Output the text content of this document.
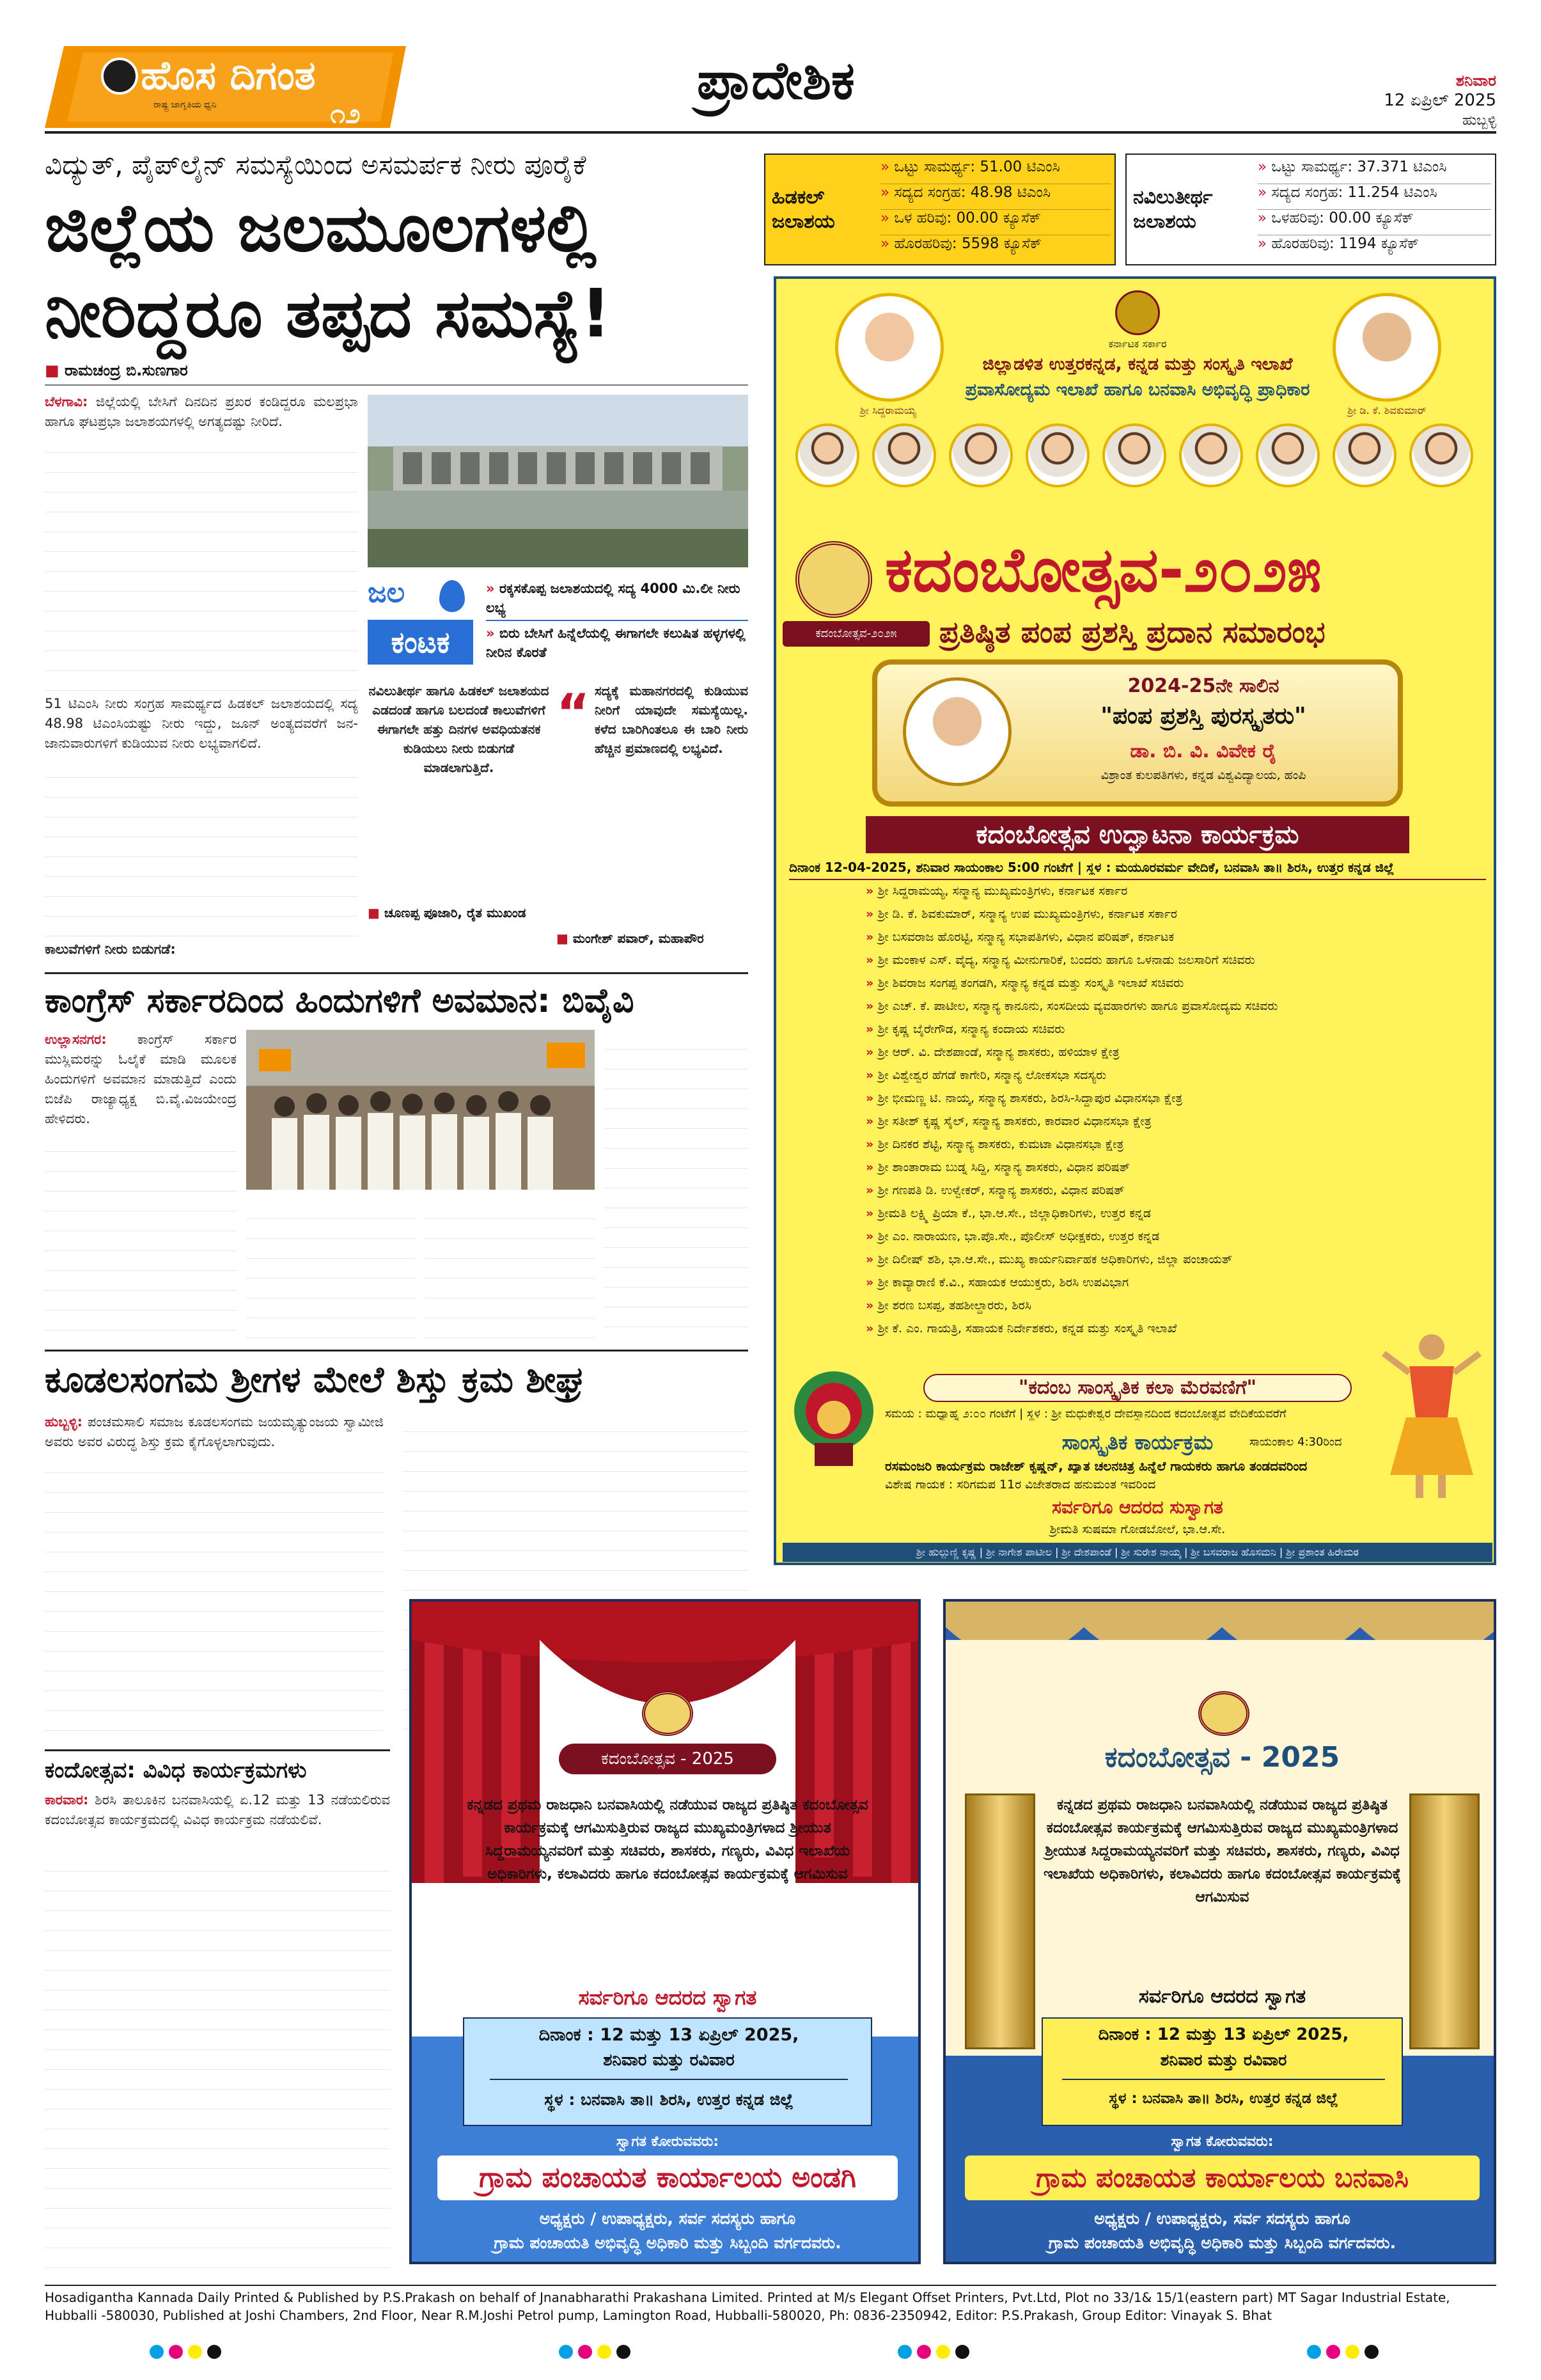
ಹೊಸ ದಿಗಂತ
ರಾಷ್ಟ್ರ ಜಾಗೃತಿಯ ಧ್ವನಿ	೧೨
ಪ್ರಾದೇಶಿಕ	ಶನಿವಾರ
12 ಏಪ್ರಿಲ್ 2025
ಹುಬ್ಬಳ್ಳಿ
ಹಿಡಕಲ್
ಜಲಾಶಯ
» ಒಟ್ಟು ಸಾಮರ್ಥ್ಯ: 51.00 ಟಿಎಂಸಿ
» ಸದ್ಯದ ಸಂಗ್ರಹ: 48.98 ಟಿಎಂಸಿ
» ಒಳ ಹರಿವು: 00.00 ಕ್ಯೂಸೆಕ್
» ಹೊರಹರಿವು: 5598 ಕ್ಯೂಸೆಕ್
ನವಿಲುತೀರ್ಥ
ಜಲಾಶಯ
» ಒಟ್ಟು ಸಾಮರ್ಥ್ಯ: 37.371 ಟಿಎಂಸಿ
» ಸದ್ಯದ ಸಂಗ್ರಹ: 11.254 ಟಿಎಂಸಿ
» ಒಳಹರಿವು: 00.00 ಕ್ಯೂಸೆಕ್
» ಹೊರಹರಿವು: 1194 ಕ್ಯೂಸೆಕ್
ವಿದ್ಯುತ್, ಪೈಪ್‌ಲೈನ್ ಸಮಸ್ಯೆಯಿಂದ ಅಸಮರ್ಪಕ ನೀರು ಪೂರೈಕೆ
ಜಿಲ್ಲೆಯ ಜಲಮೂಲಗಳಲ್ಲಿ
ನೀರಿದ್ದರೂ ತಪ್ಪದ ಸಮಸ್ಯೆ!
■ ರಾಮಚಂದ್ರ ಬಿ.ಸುಣಗಾರ
ಬೆಳಗಾವಿ: ಜಿಲ್ಲೆಯಲ್ಲಿ ಬೇಸಿಗೆ ದಿನದಿನ ಪ್ರಖರ ಕಂಡಿದ್ದರೂ ಮಲಪ್ರಭಾ ಹಾಗೂ ಘಟಪ್ರಭಾ ಜಲಾಶಯಗಳಲ್ಲಿ ಅಗತ್ಯದಷ್ಟು ನೀರಿದೆ.
51 ಟಿಎಂಸಿ ನೀರು ಸಂಗ್ರಹ ಸಾಮರ್ಥ್ಯದ ಹಿಡಕಲ್ ಜಲಾಶಯದಲ್ಲಿ ಸದ್ಯ 48.98 ಟಿಎಂಸಿಯಷ್ಟು ನೀರು ಇದ್ದು, ಜೂನ್ ಅಂತ್ಯದವರೆಗೆ ಜನ-ಜಾನುವಾರುಗಳಿಗೆ ಕುಡಿಯುವ ನೀರು ಲಭ್ಯವಾಗಲಿದೆ.
ಕಾಲುವೆಗಳಿಗೆ ನೀರು ಬಿಡುಗಡೆ:
ಜಲ
ಕಂಟಕ
» ರಕ್ಕಸಕೊಪ್ಪ ಜಲಾಶಯದಲ್ಲಿ ಸದ್ಯ 4000 ಮಿ.ಲೀ ನೀರು ಲಭ್ಯ
» ಬಿರು ಬೇಸಿಗೆ ಹಿನ್ನೆಲೆಯಲ್ಲಿ ಈಗಾಗಲೇ ಕಲುಷಿತ ಹಳ್ಳಗಳಲ್ಲಿ ನೀರಿನ ಕೊರತೆ
ನವಿಲುತೀರ್ಥ ಹಾಗೂ ಹಿಡಕಲ್ ಜಲಾಶಯದ ಎಡದಂಡೆ ಹಾಗೂ ಬಲದಂಡೆ ಕಾಲುವೆಗಳಿಗೆ ಈಗಾಗಲೇ ಹತ್ತು ದಿನಗಳ ಅವಧಿಯತನಕ ಕುಡಿಯಲು ನೀರು ಬಿಡುಗಡೆ ಮಾಡಲಾಗುತ್ತಿದೆ.
■ ಚೂಣಪ್ಪ ಪೂಜಾರಿ, ರೈತ ಮುಖಂಡ
“ ಸದ್ಯಕ್ಕೆ ಮಹಾನಗರದಲ್ಲಿ ಕುಡಿಯುವ ನೀರಿಗೆ ಯಾವುದೇ ಸಮಸ್ಯೆಯಿಲ್ಲ. ಕಳೆದ ಬಾರಿಗಿಂತಲೂ ಈ ಬಾರಿ ನೀರು ಹೆಚ್ಚಿನ ಪ್ರಮಾಣದಲ್ಲಿ ಲಭ್ಯವಿದೆ.
■ ಮಂಗೇಶ್ ಪವಾರ್, ಮಹಾಪೌರ
ಕಾಂಗ್ರೆಸ್ ಸರ್ಕಾರದಿಂದ ಹಿಂದುಗಳಿಗೆ ಅವಮಾನ: ಬಿವೈವಿ
ಉಲ್ಲಾಸನಗರ: ಕಾಂಗ್ರೆಸ್ ಸರ್ಕಾರ ಮುಸ್ಲಿಮರನ್ನು ಓಲೈಕೆ ಮಾಡಿ ಮೂಲಕ ಹಿಂದುಗಳಿಗೆ ಅವಮಾನ ಮಾಡುತ್ತಿದೆ ಎಂದು ಬಿಜೆಪಿ ರಾಜ್ಯಾಧ್ಯಕ್ಷ ಬಿ.ವೈ.ವಿಜಯೇಂದ್ರ ಹೇಳಿದರು.
ಕೂಡಲಸಂಗಮ ಶ್ರೀಗಳ ಮೇಲೆ ಶಿಸ್ತು ಕ್ರಮ ಶೀಘ್ರ
ಹುಬ್ಬಳ್ಳಿ: ಪಂಚಮಸಾಲಿ ಸಮಾಜ ಕೂಡಲಸಂಗಮ ಜಯಮೃತ್ಯುಂಜಯ ಸ್ವಾಮೀಜಿ ಅವರು ಅವರ ವಿರುದ್ಧ ಶಿಸ್ತು ಕ್ರಮ ಕೈಗೊಳ್ಳಲಾಗುವುದು.
ಕಂದೋತ್ಸವ: ವಿವಿಧ ಕಾರ್ಯಕ್ರಮಗಳು
ಕಾರವಾರ: ಶಿರಸಿ ತಾಲೂಕಿನ ಬನವಾಸಿಯಲ್ಲಿ ಏ.12 ಮತ್ತು 13 ನಡೆಯಲಿರುವ ಕದಂಬೋತ್ಸವ ಕಾರ್ಯಕ್ರಮದಲ್ಲಿ ವಿವಿಧ ಕಾರ್ಯಕ್ರಮ ನಡೆಯಲಿವೆ.
ಶ್ರೀ ಸಿದ್ದರಾಮಯ್ಯ	ಶ್ರೀ ಡಿ. ಕೆ. ಶಿವಕುಮಾರ್
ಕರ್ನಾಟಕ ಸರ್ಕಾರ
ಜಿಲ್ಲಾಡಳಿತ ಉತ್ತರಕನ್ನಡ, ಕನ್ನಡ ಮತ್ತು ಸಂಸ್ಕೃತಿ ಇಲಾಖೆ
ಪ್ರವಾಸೋದ್ಯಮ ಇಲಾಖೆ ಹಾಗೂ ಬನವಾಸಿ ಅಭಿವೃದ್ಧಿ ಪ್ರಾಧಿಕಾರ
ಕದಂಬೋತ್ಸವ-೨೦೨೫
ಕದಂಬೋತ್ಸವ-೨೦೨೫	ಪ್ರತಿಷ್ಠಿತ ಪಂಪ ಪ್ರಶಸ್ತಿ ಪ್ರದಾನ ಸಮಾರಂಭ
2024-25ನೇ ಸಾಲಿನ
"ಪಂಪ ಪ್ರಶಸ್ತಿ ಪುರಸ್ಕೃತರು"
ಡಾ. ಬಿ. ವಿ. ವಿವೇಕ ರೈ
ವಿಶ್ರಾಂತ ಕುಲಪತಿಗಳು, ಕನ್ನಡ ವಿಶ್ವವಿದ್ಯಾಲಯ, ಹಂಪಿ
ಕದಂಬೋತ್ಸವ ಉದ್ಘಾಟನಾ ಕಾರ್ಯಕ್ರಮ
ದಿನಾಂಕ 12-04-2025, ಶನಿವಾರ ಸಾಯಂಕಾಲ 5:00 ಗಂಟೆಗೆ | ಸ್ಥಳ : ಮಯೂರವರ್ಮ ವೇದಿಕೆ, ಬನವಾಸಿ ತಾ॥ ಶಿರಸಿ, ಉತ್ತರ ಕನ್ನಡ ಜಿಲ್ಲೆ
» ಶ್ರೀ ಸಿದ್ದರಾಮಯ್ಯ, ಸನ್ಮಾನ್ಯ ಮುಖ್ಯಮಂತ್ರಿಗಳು, ಕರ್ನಾಟಕ ಸರ್ಕಾರ
» ಶ್ರೀ ಡಿ. ಕೆ. ಶಿವಕುಮಾರ್, ಸನ್ಮಾನ್ಯ ಉಪ ಮುಖ್ಯಮಂತ್ರಿಗಳು, ಕರ್ನಾಟಕ ಸರ್ಕಾರ
» ಶ್ರೀ ಬಸವರಾಜ ಹೊರಟ್ಟಿ, ಸನ್ಮಾನ್ಯ ಸಭಾಪತಿಗಳು, ವಿಧಾನ ಪರಿಷತ್, ಕರ್ನಾಟಕ
» ಶ್ರೀ ಮಂಕಾಳ ಎಸ್. ವೈದ್ಯ, ಸನ್ಮಾನ್ಯ ಮೀನುಗಾರಿಕೆ, ಬಂದರು ಹಾಗೂ ಒಳನಾಡು ಜಲಸಾರಿಗೆ ಸಚಿವರು
» ಶ್ರೀ ಶಿವರಾಜ ಸಂಗಪ್ಪ ತಂಗಡಗಿ, ಸನ್ಮಾನ್ಯ ಕನ್ನಡ ಮತ್ತು ಸಂಸ್ಕೃತಿ ಇಲಾಖೆ ಸಚಿವರು
» ಶ್ರೀ ಎಚ್. ಕೆ. ಪಾಟೀಲ, ಸನ್ಮಾನ್ಯ ಕಾನೂನು, ಸಂಸದೀಯ ವ್ಯವಹಾರಗಳು ಹಾಗೂ ಪ್ರವಾಸೋದ್ಯಮ ಸಚಿವರು
» ಶ್ರೀ ಕೃಷ್ಣ ಬೈರೇಗೌಡ, ಸನ್ಮಾನ್ಯ ಕಂದಾಯ ಸಚಿವರು
» ಶ್ರೀ ಆರ್. ವಿ. ದೇಶಪಾಂಡೆ, ಸನ್ಮಾನ್ಯ ಶಾಸಕರು, ಹಳಿಯಾಳ ಕ್ಷೇತ್ರ
» ಶ್ರೀ ವಿಶ್ವೇಶ್ವರ ಹೆಗಡೆ ಕಾಗೇರಿ, ಸನ್ಮಾನ್ಯ ಲೋಕಸಭಾ ಸದಸ್ಯರು
» ಶ್ರೀ ಭೀಮಣ್ಣ ಟಿ. ನಾಯ್ಕ, ಸನ್ಮಾನ್ಯ ಶಾಸಕರು, ಶಿರಸಿ-ಸಿದ್ದಾಪುರ ವಿಧಾನಸಭಾ ಕ್ಷೇತ್ರ
» ಶ್ರೀ ಸತೀಶ್ ಕೃಷ್ಣ ಸೈಲ್, ಸನ್ಮಾನ್ಯ ಶಾಸಕರು, ಕಾರವಾರ ವಿಧಾನಸಭಾ ಕ್ಷೇತ್ರ
» ಶ್ರೀ ದಿನಕರ ಶೆಟ್ಟಿ, ಸನ್ಮಾನ್ಯ ಶಾಸಕರು, ಕುಮಟಾ ವಿಧಾನಸಭಾ ಕ್ಷೇತ್ರ
» ಶ್ರೀ ಶಾಂತಾರಾಮ ಬುಡ್ನ ಸಿದ್ದಿ, ಸನ್ಮಾನ್ಯ ಶಾಸಕರು, ವಿಧಾನ ಪರಿಷತ್
» ಶ್ರೀ ಗಣಪತಿ ಡಿ. ಉಳ್ವೇಕರ್, ಸನ್ಮಾನ್ಯ ಶಾಸಕರು, ವಿಧಾನ ಪರಿಷತ್
» ಶ್ರೀಮತಿ ಲಕ್ಷ್ಮಿ ಪ್ರಿಯಾ ಕೆ., ಭಾ.ಆ.ಸೇ., ಜಿಲ್ಲಾಧಿಕಾರಿಗಳು, ಉತ್ತರ ಕನ್ನಡ
» ಶ್ರೀ ಎಂ. ನಾರಾಯಣ, ಭಾ.ಪೊ.ಸೇ., ಪೊಲೀಸ್ ಅಧೀಕ್ಷಕರು, ಉತ್ತರ ಕನ್ನಡ
» ಶ್ರೀ ದಿಲೀಷ್ ಶಶಿ, ಭಾ.ಆ.ಸೇ., ಮುಖ್ಯ ಕಾರ್ಯನಿರ್ವಾಹಕ ಅಧಿಕಾರಿಗಳು, ಜಿಲ್ಲಾ ಪಂಚಾಯತ್
» ಶ್ರೀ ಕಾವ್ಯಾರಾಣಿ ಕೆ.ವಿ., ಸಹಾಯಕ ಆಯುಕ್ತರು, ಶಿರಸಿ ಉಪವಿಭಾಗ
» ಶ್ರೀ ಶರಣ ಬಸಪ್ಪ, ತಹಶೀಲ್ದಾರರು, ಶಿರಸಿ
» ಶ್ರೀ ಕೆ. ಎಂ. ಗಾಯತ್ರಿ, ಸಹಾಯಕ ನಿರ್ದೇಶಕರು, ಕನ್ನಡ ಮತ್ತು ಸಂಸ್ಕೃತಿ ಇಲಾಖೆ
"ಕದಂಬ ಸಾಂಸ್ಕೃತಿಕ ಕಲಾ ಮೆರವಣಿಗೆ"
ಸಮಯ : ಮಧ್ಯಾಹ್ನ ೨:೦೦ ಗಂಟೆಗೆ | ಸ್ಥಳ : ಶ್ರೀ ಮಧುಕೇಶ್ವರ ದೇವಸ್ಥಾನದಿಂದ ಕದಂಬೋತ್ಸವ ವೇದಿಕೆಯವರೆಗೆ
ಸಾಂಸ್ಕೃತಿಕ ಕಾರ್ಯಕ್ರಮ	ಸಾಯಂಕಾಲ 4:30ರಿಂದ
ರಸಮಂಜರಿ ಕಾರ್ಯಕ್ರಮ ರಾಜೇಶ್ ಕೃಷ್ಣನ್, ಖ್ಯಾತ ಚಲನಚಿತ್ರ ಹಿನ್ನೆಲೆ ಗಾಯಕರು ಹಾಗೂ ತಂಡದವರಿಂದ
ವಿಶೇಷ ಗಾಯಕ : ಸರಿಗಮಪ 11ರ ವಿಜೇತರಾದ ಹನುಮಂತ ಇವರಿಂದ
ಸರ್ವರಿಗೂ ಆದರದ ಸುಸ್ವಾಗತ
ಶ್ರೀಮತಿ ಸುಷಮಾ ಗೋಡಬೋಲೆ, ಭಾ.ಆ.ಸೇ.
ಶ್ರೀ ಹುಲ್ಲುಣ್ಣಿ ಕೃಷ್ಣ | ಶ್ರೀ ನಾಗೇಶ ಪಾಟೀಲ | ಶ್ರೀ ದೇಶಪಾಂಡೆ | ಶ್ರೀ ಸುರೇಶ ನಾಯ್ಕ | ಶ್ರೀ ಬಸವರಾಜ ಹೊಸಮನಿ | ಶ್ರೀ ಪ್ರಶಾಂತ ಹಿರೇಮಠ
ಕದಂಬೋತ್ಸವ - 2025
ಕನ್ನಡದ ಪ್ರಥಮ ರಾಜಧಾನಿ ಬನವಾಸಿಯಲ್ಲಿ ನಡೆಯುವ ರಾಜ್ಯದ ಪ್ರತಿಷ್ಠಿತ ಕದಂಬೋತ್ಸವ ಕಾರ್ಯಕ್ರಮಕ್ಕೆ ಆಗಮಿಸುತ್ತಿರುವ ರಾಜ್ಯದ ಮುಖ್ಯಮಂತ್ರಿಗಳಾದ ಶ್ರೀಯುತ ಸಿದ್ದರಾಮಯ್ಯನವರಿಗೆ ಮತ್ತು ಸಚಿವರು, ಶಾಸಕರು, ಗಣ್ಯರು, ವಿವಿಧ ಇಲಾಖೆಯ ಅಧಿಕಾರಿಗಳು, ಕಲಾವಿದರು ಹಾಗೂ ಕದಂಬೋತ್ಸವ ಕಾರ್ಯಕ್ರಮಕ್ಕೆ ಆಗಮಿಸುವ
ಸರ್ವರಿಗೂ ಆದರದ ಸ್ವಾಗತ
ದಿನಾಂಕ : 12 ಮತ್ತು 13 ಏಪ್ರಿಲ್ 2025,
ಶನಿವಾರ ಮತ್ತು ರವಿವಾರ
ಸ್ಥಳ : ಬನವಾಸಿ ತಾ॥ ಶಿರಸಿ, ಉತ್ತರ ಕನ್ನಡ ಜಿಲ್ಲೆ
ಸ್ವಾಗತ ಕೋರುವವರು:
ಗ್ರಾಮ ಪಂಚಾಯತ ಕಾರ್ಯಾಲಯ ಅಂಡಗಿ
ಅಧ್ಯಕ್ಷರು / ಉಪಾಧ್ಯಕ್ಷರು, ಸರ್ವ ಸದಸ್ಯರು ಹಾಗೂ
ಗ್ರಾಮ ಪಂಚಾಯತಿ ಅಭಿವೃದ್ಧಿ ಅಧಿಕಾರಿ ಮತ್ತು ಸಿಬ್ಬಂದಿ ವರ್ಗದವರು.
ಕದಂಬೋತ್ಸವ - 2025
ಕನ್ನಡದ ಪ್ರಥಮ ರಾಜಧಾನಿ ಬನವಾಸಿಯಲ್ಲಿ ನಡೆಯುವ ರಾಜ್ಯದ ಪ್ರತಿಷ್ಠಿತ ಕದಂಬೋತ್ಸವ ಕಾರ್ಯಕ್ರಮಕ್ಕೆ ಆಗಮಿಸುತ್ತಿರುವ ರಾಜ್ಯದ ಮುಖ್ಯಮಂತ್ರಿಗಳಾದ ಶ್ರೀಯುತ ಸಿದ್ದರಾಮಯ್ಯನವರಿಗೆ ಮತ್ತು ಸಚಿವರು, ಶಾಸಕರು, ಗಣ್ಯರು, ವಿವಿಧ ಇಲಾಖೆಯ ಅಧಿಕಾರಿಗಳು, ಕಲಾವಿದರು ಹಾಗೂ ಕದಂಬೋತ್ಸವ ಕಾರ್ಯಕ್ರಮಕ್ಕೆ ಆಗಮಿಸುವ
ಸರ್ವರಿಗೂ ಆದರದ ಸ್ವಾಗತ
ದಿನಾಂಕ : 12 ಮತ್ತು 13 ಏಪ್ರಿಲ್ 2025,
ಶನಿವಾರ ಮತ್ತು ರವಿವಾರ
ಸ್ಥಳ : ಬನವಾಸಿ ತಾ॥ ಶಿರಸಿ, ಉತ್ತರ ಕನ್ನಡ ಜಿಲ್ಲೆ
ಸ್ವಾಗತ ಕೋರುವವರು:
ಗ್ರಾಮ ಪಂಚಾಯತ ಕಾರ್ಯಾಲಯ ಬನವಾಸಿ
ಅಧ್ಯಕ್ಷರು / ಉಪಾಧ್ಯಕ್ಷರು, ಸರ್ವ ಸದಸ್ಯರು ಹಾಗೂ
ಗ್ರಾಮ ಪಂಚಾಯತಿ ಅಭಿವೃದ್ಧಿ ಅಧಿಕಾರಿ ಮತ್ತು ಸಿಬ್ಬಂದಿ ವರ್ಗದವರು.
Hosadigantha Kannada Daily Printed & Published by P.S.Prakash on behalf of Jnanabharathi Prakashana Limited. Printed at M/s Elegant Offset Printers, Pvt.Ltd, Plot no 33/1& 15/1(eastern part) MT Sagar Industrial Estate,
Hubballi -580030, Published at Joshi Chambers, 2nd Floor, Near R.M.Joshi Petrol pump, Lamington Road, Hubballi-580020, Ph: 0836-2350942, Editor: P.S.Prakash, Group Editor: Vinayak S. Bhat
